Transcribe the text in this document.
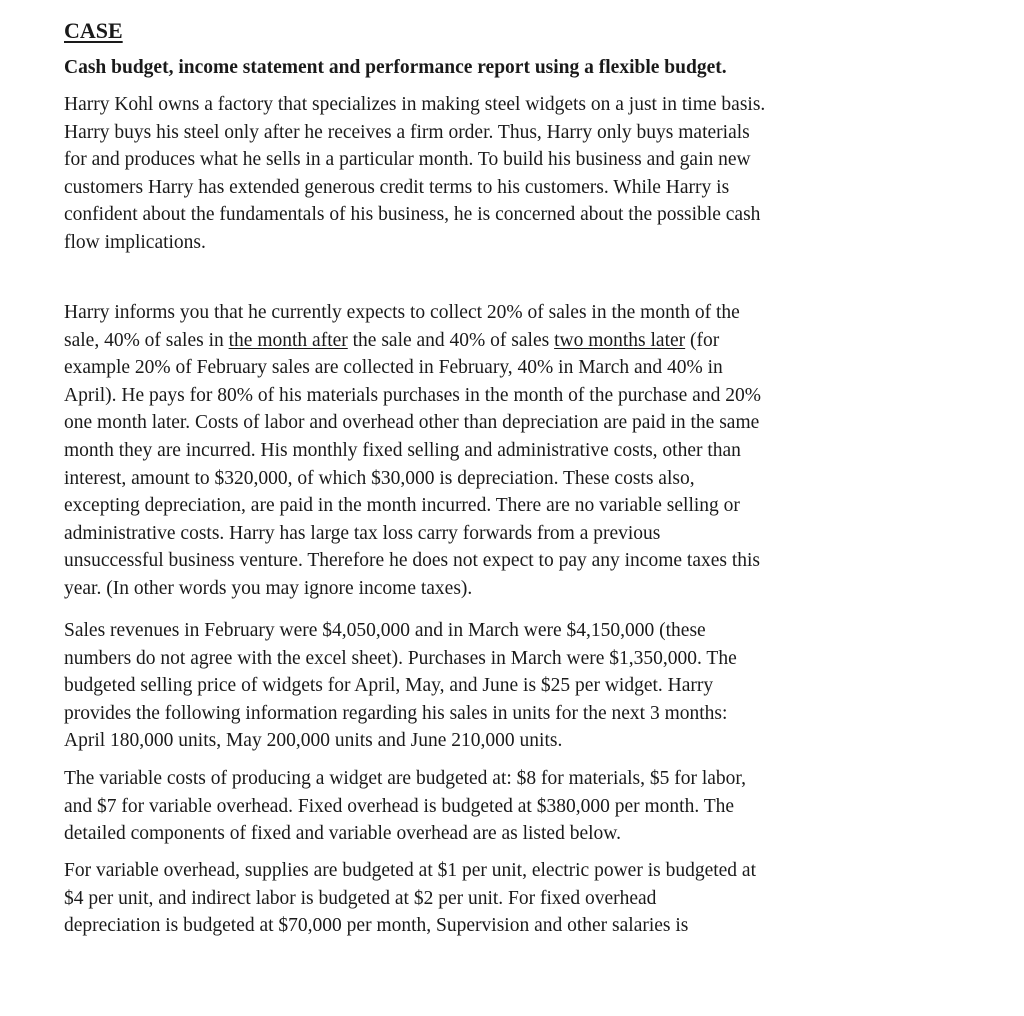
CASE
Cash budget, income statement and performance report using a flexible budget.

Harry Kohl owns a factory that specializes in making steel widgets on a just in time basis.
Harry buys his steel only after he receives a firm order. Thus, Harry only buys materials
for and produces what he sells in a particular month. To build his business and gain new
customers Harry has extended generous credit terms to his customers. While Harry is
confident about the fundamentals of his business, he is concerned about the possible cash
flow implications.

Harry informs you that he currently expects to collect 20% of sales in the month of the
sale, 40% of sales in the month after the sale and 40% of sales two months later (for
example 20% of February sales are collected in February, 40% in March and 40% in
April). He pays for 80% of his materials purchases in the month of the purchase and 20%
one month later. Costs of labor and overhead other than depreciation are paid in the same
month they are incurred. His monthly fixed selling and administrative costs, other than
interest, amount to $320,000, of which $30,000 is depreciation. These costs also,
excepting depreciation, are paid in the month incurred. There are no variable selling or
administrative costs. Harry has large tax loss carry forwards from a previous
unsuccessful business venture. Therefore he does not expect to pay any income taxes this
year. (In other words you may ignore income taxes).

Sales revenues in February were $4,050,000 and in March were $4,150,000 (these
numbers do not agree with the excel sheet). Purchases in March were $1,350,000. The
budgeted selling price of widgets for April, May, and June is $25 per widget. Harry
provides the following information regarding his sales in units for the next 3 months:
April 180,000 units, May 200,000 units and June 210,000 units.

The variable costs of producing a widget are budgeted at: $8 for materials, $5 for labor,
and $7 for variable overhead. Fixed overhead is budgeted at $380,000 per month. The
detailed components of fixed and variable overhead are as listed below.

For variable overhead, supplies are budgeted at $1 per unit, electric power is budgeted at
$4 per unit, and indirect labor is budgeted at $2 per unit. For fixed overhead
depreciation is budgeted at $70,000 per month, Supervision and other salaries is
